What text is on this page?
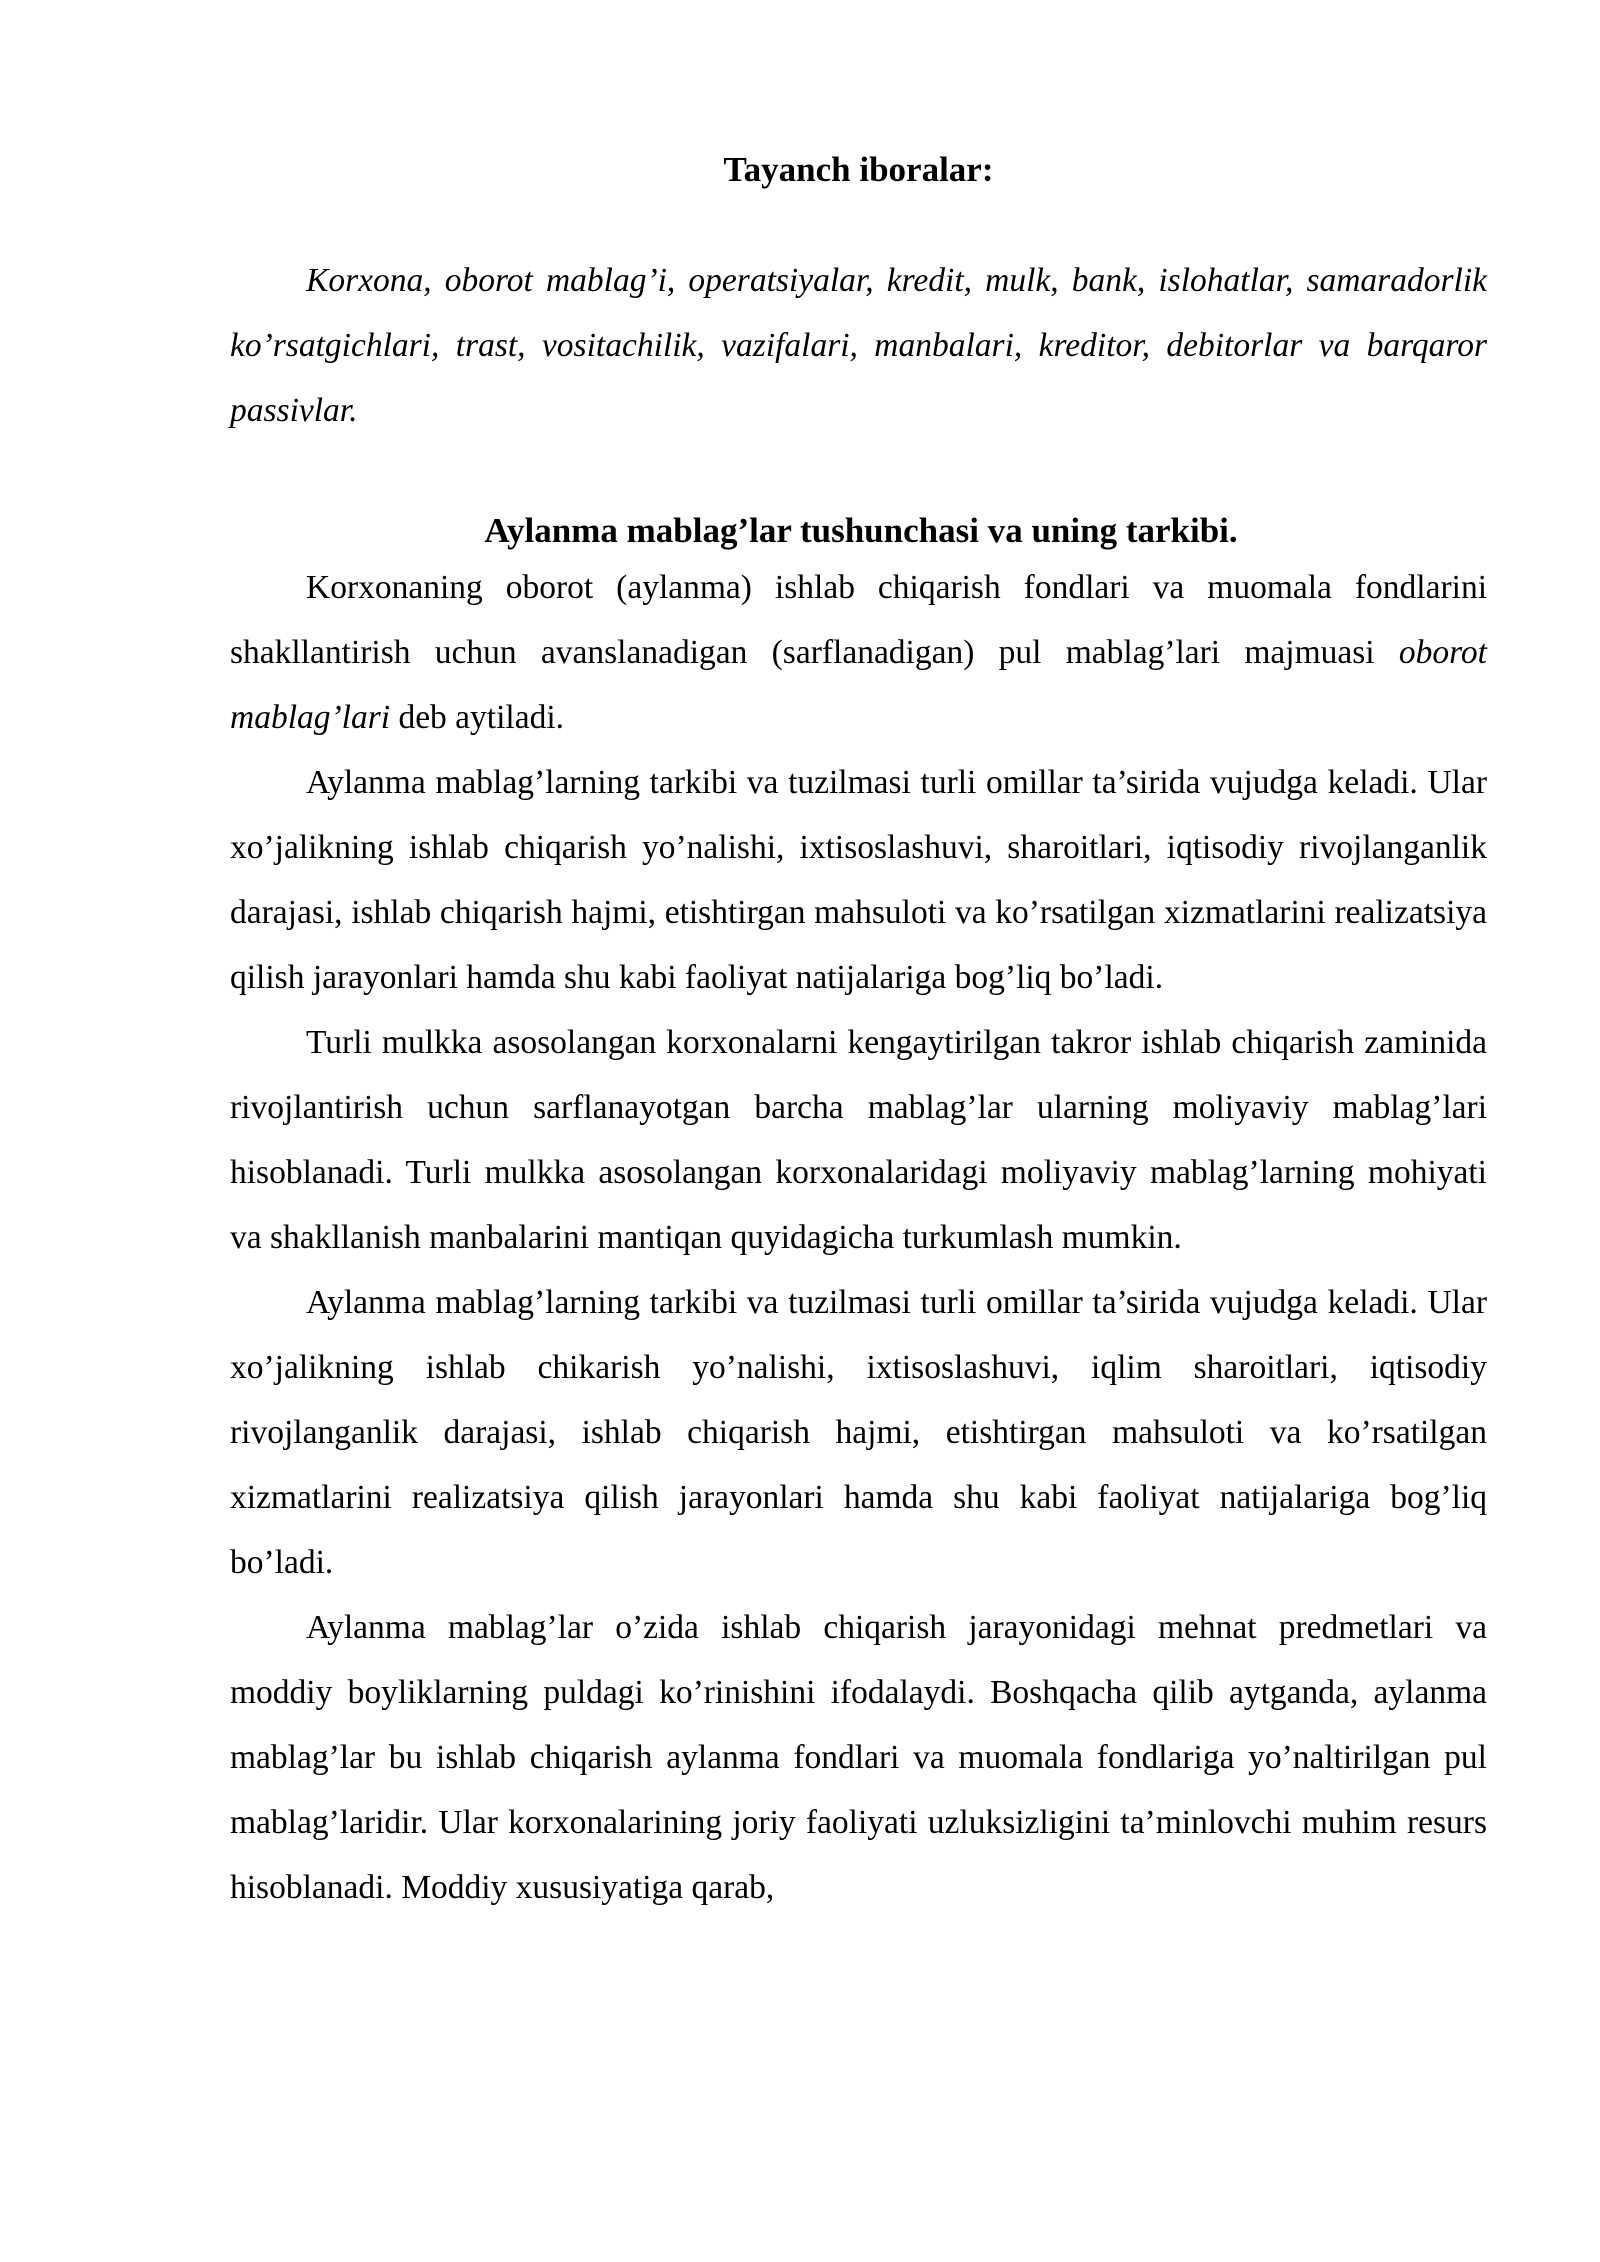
Tayanch iboralar:

Korxona, oborot mablag’i, operatsiyalar, kredit, mulk, bank, islohatlar, samaradorlik ko’rsatgichlari, trast, vositachilik, vazifalari, manbalari, kreditor, debitorlar va barqaror passivlar.

Aylanma mablag’lar tushunchasi va uning tarkibi.

Korxonaning oborot (aylanma) ishlab chiqarish fondlari va muomala fondlarini shakllantirish uchun avanslanadigan (sarflanadigan) pul mablag’lari majmuasi oborot mablag’lari deb aytiladi.

Aylanma mablag’larning tarkibi va tuzilmasi turli omillar ta’sirida vujudga keladi. Ular xo’jalikning ishlab chiqarish yo’nalishi, ixtisoslashuvi, sharoitlari, iqtisodiy rivojlanganlik darajasi, ishlab chiqarish hajmi, etishtirgan mahsuloti va ko’rsatilgan xizmatlarini realizatsiya qilish jarayonlari hamda shu kabi faoliyat natijalariga bog’liq bo’ladi.

Turli mulkka asosolangan korxonalarni kengaytirilgan takror ishlab chiqarish zaminida rivojlantirish uchun sarflanayotgan barcha mablag’lar ularning moliyaviy mablag’lari hisoblanadi. Turli mulkka asosolangan korxonalaridagi moliyaviy mablag’larning mohiyati va shakllanish manbalarini mantiqan quyidagicha turkumlash mumkin.

Aylanma mablag’larning tarkibi va tuzilmasi turli omillar ta’sirida vujudga keladi. Ular xo’jalikning ishlab chikarish yo’nalishi, ixtisoslashuvi, iqlim sharoitlari, iqtisodiy rivojlanganlik darajasi, ishlab chiqarish hajmi, etishtirgan mahsuloti va ko’rsatilgan xizmatlarini realizatsiya qilish jarayonlari hamda shu kabi faoliyat natijalariga bog’liq bo’ladi.

Aylanma mablag’lar o’zida ishlab chiqarish jarayonidagi mehnat predmetlari va moddiy boyliklarning puldagi ko’rinishini ifodalaydi. Boshqacha qilib aytganda, aylanma mablag’lar bu ishlab chiqarish aylanma fondlari va muomala fondlariga yo’naltirilgan pul mablag’laridir. Ular korxonalarining joriy faoliyati uzluksizligini ta’minlovchi muhim resurs hisoblanadi. Moddiy xususiyatiga qarab,
